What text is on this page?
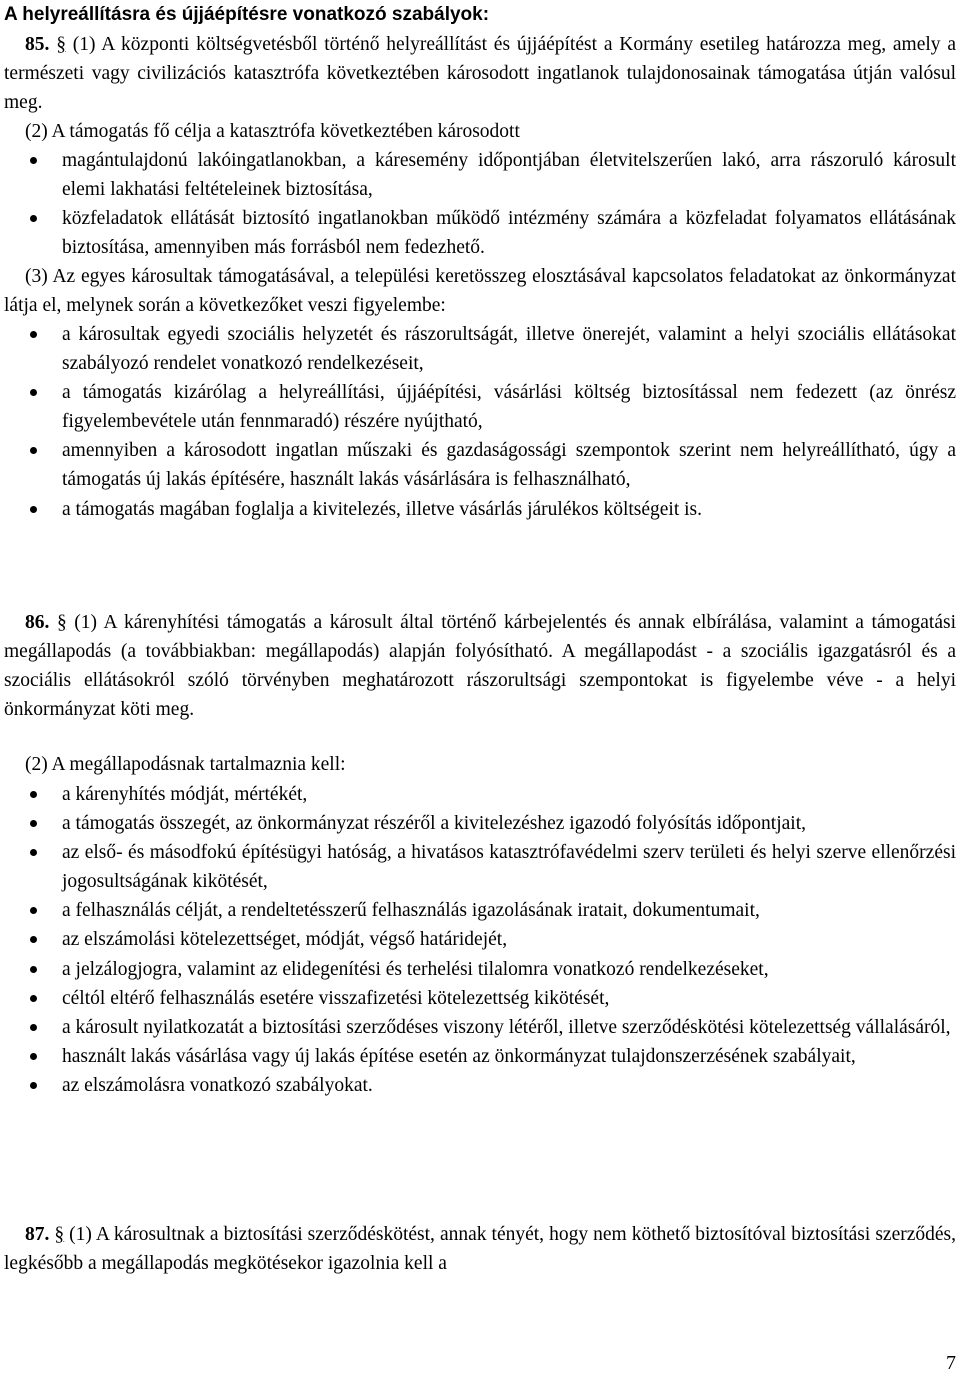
A helyreállításra és újjáépítésre vonatkozó szabályok:
85. § (1) A központi költségvetésből történő helyreállítást és újjáépítést a Kormány esetileg határozza meg, amely a természeti vagy civilizációs katasztrófa következtében károsodott ingatlanok tulajdonosainak támogatása útján valósul meg.
(2) A támogatás fő célja a katasztrófa következtében károsodott
magántulajdonú lakóingatlanokban, a káresemény időpontjában életvitelszerűen lakó, arra rászoruló károsult elemi lakhatási feltételeinek biztosítása,
közfeladatok ellátását biztosító ingatlanokban működő intézmény számára a közfeladat folyamatos ellátásának biztosítása, amennyiben más forrásból nem fedezhető.
(3) Az egyes károsultak támogatásával, a települési keretösszeg elosztásával kapcsolatos feladatokat az önkormányzat látja el, melynek során a következőket veszi figyelembe:
a károsultak egyedi szociális helyzetét és rászorultságát, illetve önerejét, valamint a helyi szociális ellátásokat szabályozó rendelet vonatkozó rendelkezéseit,
a támogatás kizárólag a helyreállítási, újjáépítési, vásárlási költség biztosítással nem fedezett (az önrész figyelembevétele után fennmaradó) részére nyújtható,
amennyiben a károsodott ingatlan műszaki és gazdaságossági szempontok szerint nem helyreállítható, úgy a támogatás új lakás építésére, használt lakás vásárlására is felhasználható,
a támogatás magában foglalja a kivitelezés, illetve vásárlás járulékos költségeit is.
86. § (1) A kárenyhítési támogatás a károsult által történő kárbejelentés és annak elbírálása, valamint a támogatási megállapodás (a továbbiakban: megállapodás) alapján folyósítható. A megállapodást - a szociális igazgatásról és a szociális ellátásokról szóló törvényben meghatározott rászorultsági szempontokat is figyelembe véve - a helyi önkormányzat köti meg.
(2) A megállapodásnak tartalmaznia kell:
a kárenyhítés módját, mértékét,
a támogatás összegét, az önkormányzat részéről a kivitelezéshez igazodó folyósítás időpontjait,
az első- és másodfokú építésügyi hatóság, a hivatásos katasztrófavédelmi szerv területi és helyi szerve ellenőrzési jogosultságának kikötését,
a felhasználás célját, a rendeltetésszerű felhasználás igazolásának iratait, dokumentumait,
az elszámolási kötelezettséget, módját, végső határidejét,
a jelzálogjogra, valamint az elidegenítési és terhelési tilalomra vonatkozó rendelkezéseket,
céltól eltérő felhasználás esetére visszafizetési kötelezettség kikötését,
a károsult nyilatkozatát a biztosítási szerződéses viszony létéről, illetve szerződéskötési kötelezettség vállalásáról,
használt lakás vásárlása vagy új lakás építése esetén az önkormányzat tulajdonszerzésének szabályait,
az elszámolásra vonatkozó szabályokat.
87. § (1) A károsultnak a biztosítási szerződéskötést, annak tényét, hogy nem köthető biztosítóval biztosítási szerződés, legkésőbb a megállapodás megkötésekor igazolnia kell a
7
